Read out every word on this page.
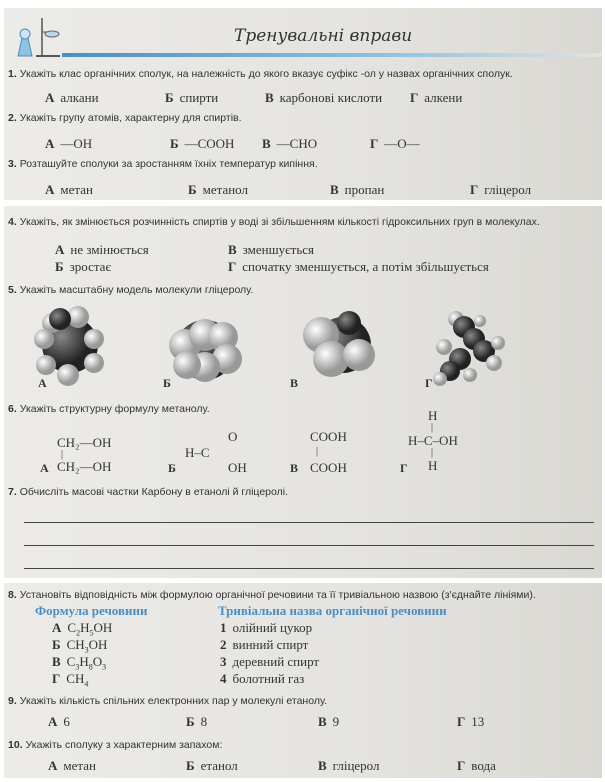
Тренувальні вправи
1. Укажіть клас органічних сполук, на належність до якого вказує суфікс -ол у назвах органічних сполук.
А алкани	Б спирти	В карбонові кислоти Г алкени
2. Укажіть групу атомів, характерну для спиртів.
А —OH	Б —COOH В —CHO	Г —O—
3. Розташуйте сполуки за зростанням їхніх температур кипіння.
А метан	Б метанол	В пропан	Г гліцерол
4. Укажіть, як змінюється розчинність спиртів у воді зі збільшенням кількості гідроксильних груп в молекулах.
А не змінюється
Б зростає
В зменшується
Г спочатку зменшується, а потім збільшується
5. Укажіть масштабну модель молекули гліцеролу.
6. Укажіть структурну формулу метанолу.
7. Обчисліть масові частки Карбону в етанолі й гліцеролі.
8. Установіть відповідність між формулою органічної речовини та її тривіальною назвою (з'єднайте лініями).
9. Укажіть кількість спільних електронних пар у молекулі етанолу.
А 6	Б 8	В 9	Г 13
10. Укажіть сполуку з характерним запахом:
А метан	Б етанол	В гліцерол	Г вода
А	Б	В	Г
CH₂—OH
CH₂—OH
H–C
O
OH
COOH
COOH
H
H–C–OH
H
|	|
|
|
А	Б	В	Г
Формула речовини	Тривіальна назва органічної речовини
А $C_2H_5OH$	1 олійний цукор
Б $CH_3OH$	2 винний спирт
В $C_3H_8O_3$	3 деревний спирт
Г $CH_4$	4 болотний газ
